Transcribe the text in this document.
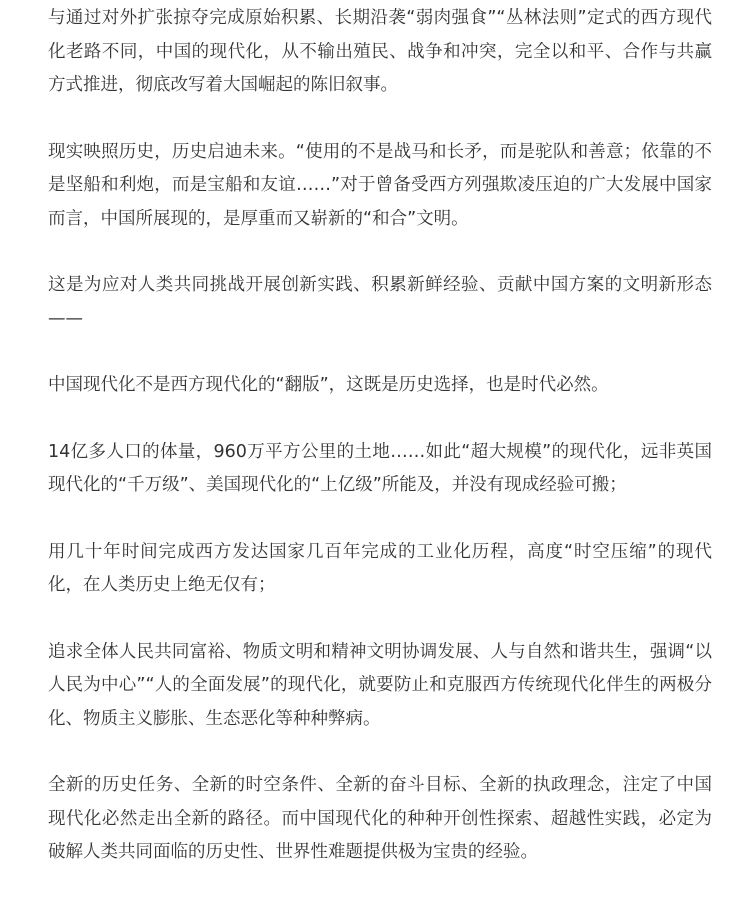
与通过对外扩张掠夺完成原始积累、长期沿袭“弱肉强食”“丛林法则”定式的西方现代化老路不同，中国的现代化，从不输出殖民、战争和冲突，完全以和平、合作与共赢方式推进，彻底改写着大国崛起的陈旧叙事。

现实映照历史，历史启迪未来。“使用的不是战马和长矛，而是驼队和善意；依靠的不是坚船和利炮，而是宝船和友谊……”对于曾备受西方列强欺凌压迫的广大发展中国家而言，中国所展现的，是厚重而又崭新的“和合”文明。

这是为应对人类共同挑战开展创新实践、积累新鲜经验、贡献中国方案的文明新形态——

中国现代化不是西方现代化的“翻版”，这既是历史选择，也是时代必然。

14亿多人口的体量，960万平方公里的土地……如此“超大规模”的现代化，远非英国现代化的“千万级”、美国现代化的“上亿级”所能及，并没有现成经验可搬；

用几十年时间完成西方发达国家几百年完成的工业化历程，高度“时空压缩”的现代化，在人类历史上绝无仅有；

追求全体人民共同富裕、物质文明和精神文明协调发展、人与自然和谐共生，强调“以人民为中心”“人的全面发展”的现代化，就要防止和克服西方传统现代化伴生的两极分化、物质主义膨胀、生态恶化等种种弊病。

全新的历史任务、全新的时空条件、全新的奋斗目标、全新的执政理念，注定了中国现代化必然走出全新的路径。而中国现代化的种种开创性探索、超越性实践，必定为破解人类共同面临的历史性、世界性难题提供极为宝贵的经验。
